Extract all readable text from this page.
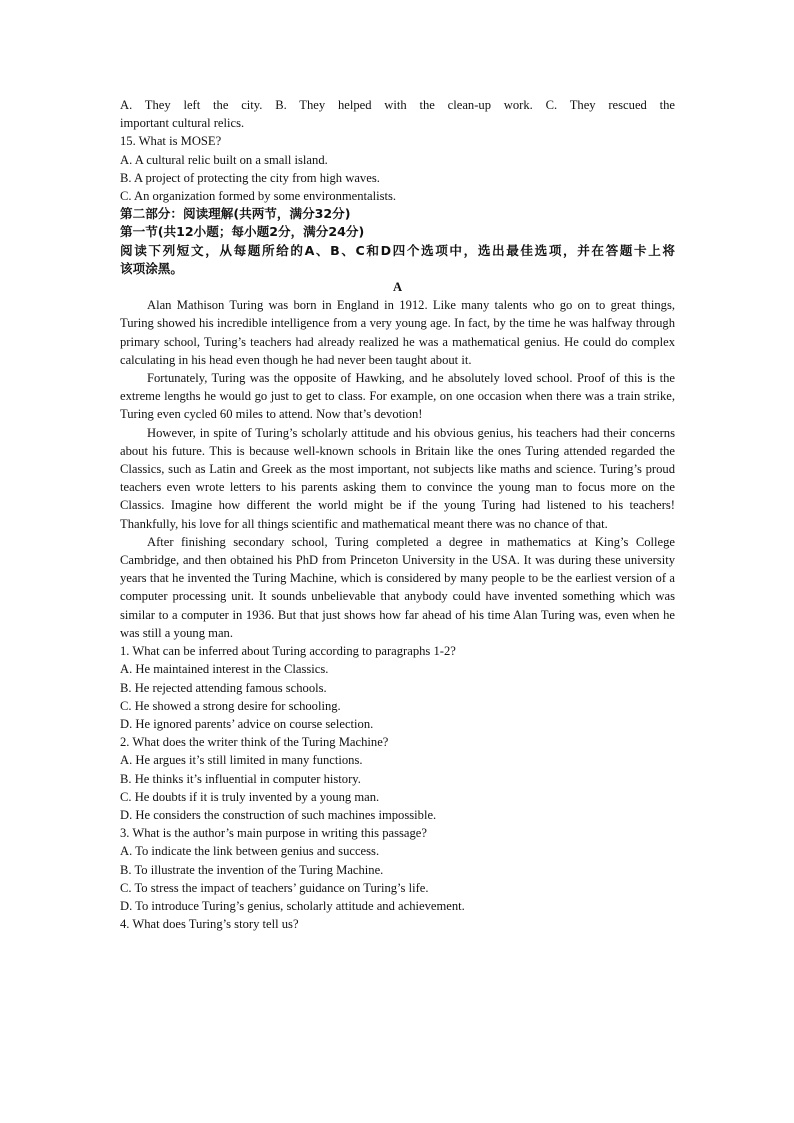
A. They left the city. B. They helped with the clean-up work. C. They rescued the
important cultural relics.
15. What is MOSE?
A. A cultural relic built on a small island.
B. A project of protecting the city from high waves.
C. An organization formed by some environmentalists.
第二部分：阅读理解(共两节，满分32分)
第一节(共12小题；每小题2分，满分24分)
阅读下列短文，从每题所给的A、B、C和D四个选项中，选出最佳选项，并在答题卡上将
该项涂黑。
A
Alan Mathison Turing was born in England in 1912. Like many talents who go on to great things, Turing showed his incredible intelligence from a very young age. In fact, by the time he was halfway through primary school, Turing’s teachers had already realized he was a mathematical genius. He could do complex calculating in his head even though he had never been taught about it.
Fortunately, Turing was the opposite of Hawking, and he absolutely loved school. Proof of this is the extreme lengths he would go just to get to class. For example, on one occasion when there was a train strike, Turing even cycled 60 miles to attend. Now that’s devotion!
However, in spite of Turing’s scholarly attitude and his obvious genius, his teachers had their concerns about his future. This is because well-known schools in Britain like the ones Turing attended regarded the Classics, such as Latin and Greek as the most important, not subjects like maths and science. Turing’s proud teachers even wrote letters to his parents asking them to convince the young man to focus more on the Classics. Imagine how different the world might be if the young Turing had listened to his teachers! Thankfully, his love for all things scientific and mathematical meant there was no chance of that.
After finishing secondary school, Turing completed a degree in mathematics at King’s College Cambridge, and then obtained his PhD from Princeton University in the USA. It was during these university years that he invented the Turing Machine, which is considered by many people to be the earliest version of a computer processing unit. It sounds unbelievable that anybody could have invented something which was similar to a computer in 1936. But that just shows how far ahead of his time Alan Turing was, even when he was still a young man.
1. What can be inferred about Turing according to paragraphs 1-2?
A. He maintained interest in the Classics.
B. He rejected attending famous schools.
C. He showed a strong desire for schooling.
D. He ignored parents’ advice on course selection.
2. What does the writer think of the Turing Machine?
A. He argues it’s still limited in many functions.
B. He thinks it’s influential in computer history.
C. He doubts if it is truly invented by a young man.
D. He considers the construction of such machines impossible.
3. What is the author’s main purpose in writing this passage?
A. To indicate the link between genius and success.
B. To illustrate the invention of the Turing Machine.
C. To stress the impact of teachers’ guidance on Turing’s life.
D. To introduce Turing’s genius, scholarly attitude and achievement.
4. What does Turing’s story tell us?
